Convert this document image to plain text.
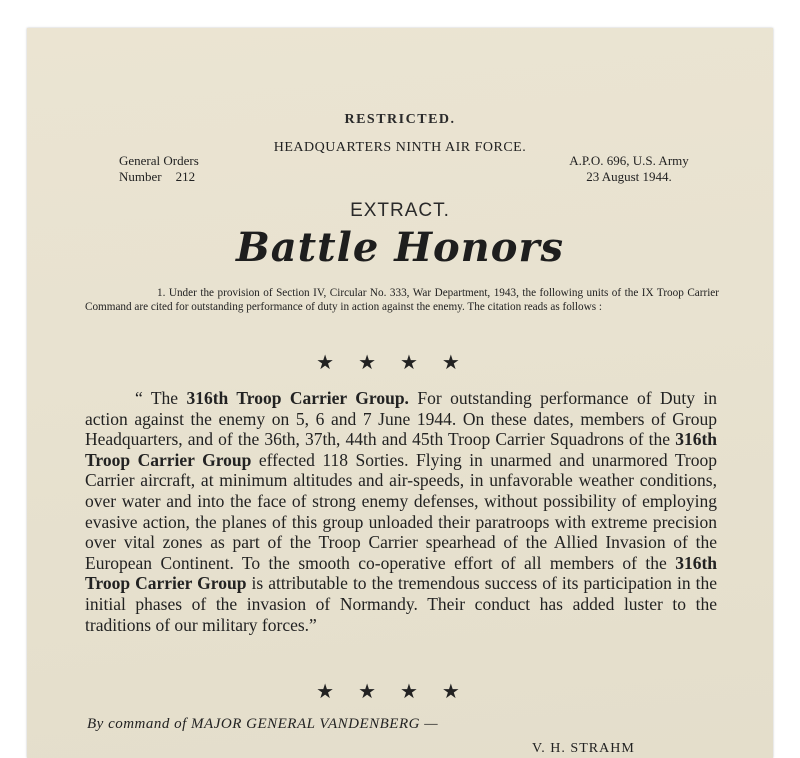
RESTRICTED.
HEADQUARTERS NINTH AIR FORCE.
General Orders
Number 212
A.P.O. 696, U.S. Army
23 August 1944.
EXTRACT.
Battle Honors
1. Under the provision of Section IV, Circular No. 333, War Department, 1943, the following units of the IX Troop Carrier Command are cited for outstanding performance of duty in action against the enemy. The citation reads as follows :
★★★★
“ The 316th Troop Carrier Group. For outstanding performance of Duty in action against the enemy on 5, 6 and 7 June 1944. On these dates, members of Group Headquarters, and of the 36th, 37th, 44th and 45th Troop Carrier Squadrons of the 316th Troop Carrier Group effected 118 Sorties. Flying in unarmed and unarmored Troop Carrier aircraft, at minimum altitudes and air-speeds, in unfavorable weather conditions, over water and into the face of strong enemy defenses, without possibility of employing evasive action, the planes of this group unloaded their paratroops with extreme precision over vital zones as part of the Troop Carrier spearhead of the Allied Invasion of the European Continent. To the smooth co-operative effort of all members of the 316th Troop Carrier Group is attributable to the tremendous success of its participation in the initial phases of the invasion of Normandy. Their conduct has added luster to the traditions of our military forces.”
★★★★
By command of MAJOR GENERAL VANDENBERG —
V. H. STRAHM
